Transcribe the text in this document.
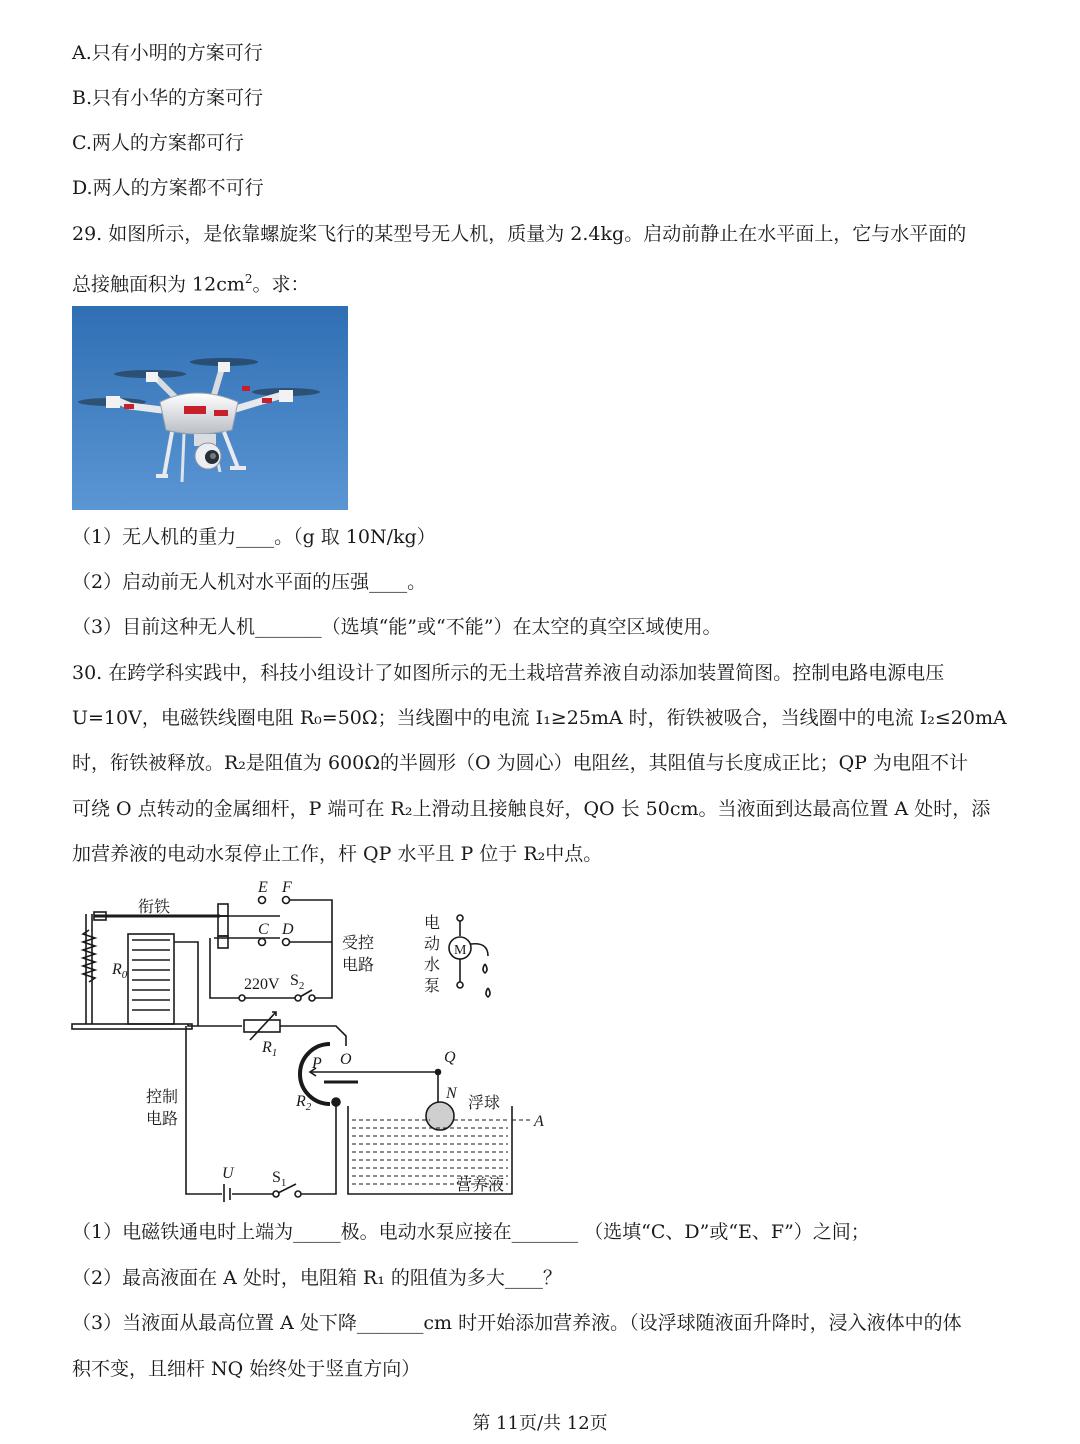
A.只有小明的方案可行
B.只有小华的方案可行
C.两人的方案都可行
D.两人的方案都不可行
29. 如图所示，是依靠螺旋桨飞行的某型号无人机，质量为 2.4kg。启动前静止在水平面上，它与水平面的
总接触面积为 $12cm^2$。求：
（1）无人机的重力____。（g 取 10N/kg）
（2）启动前无人机对水平面的压强____。
（3）目前这种无人机_______（选填“能”或“不能”）在太空的真空区域使用。
30. 在跨学科实践中，科技小组设计了如图所示的无土栽培营养液自动添加装置简图。控制电路电源电压
U=10V，电磁铁线圈电阻 R₀=50Ω；当线圈中的电流 I₁≥25mA 时，衔铁被吸合，当线圈中的电流 I₂≤20mA
时，衔铁被释放。R₂是阻值为 600Ω的半圆形（O 为圆心）电阻丝，其阻值与长度成正比；QP 为电阻不计
可绕 O 点转动的金属细杆，P 端可在 R₂上滑动且接触良好，QO 长 50cm。当液面到达最高位置 A 处时，添
加营养液的电动水泵停止工作，杆 QP 水平且 P 位于 R₂中点。
衔铁
E F
C D
$R_0$
220V $S_2$
受控
电路
电
动
水
泵
M
$R_1$
P O	Q
N
$R_2$	浮球
A
控制
电路
U $S_1$	营养液
（1）电磁铁通电时上端为_____极。电动水泵应接在_______ （选填“C、D”或“E、F”）之间；
（2）最高液面在 A 处时，电阻箱 R₁ 的阻值为多大____？
（3）当液面从最高位置 A 处下降_______cm 时开始添加营养液。（设浮球随液面升降时，浸入液体中的体
积不变，且细杆 NQ 始终处于竖直方向）
第 11页/共 12页
